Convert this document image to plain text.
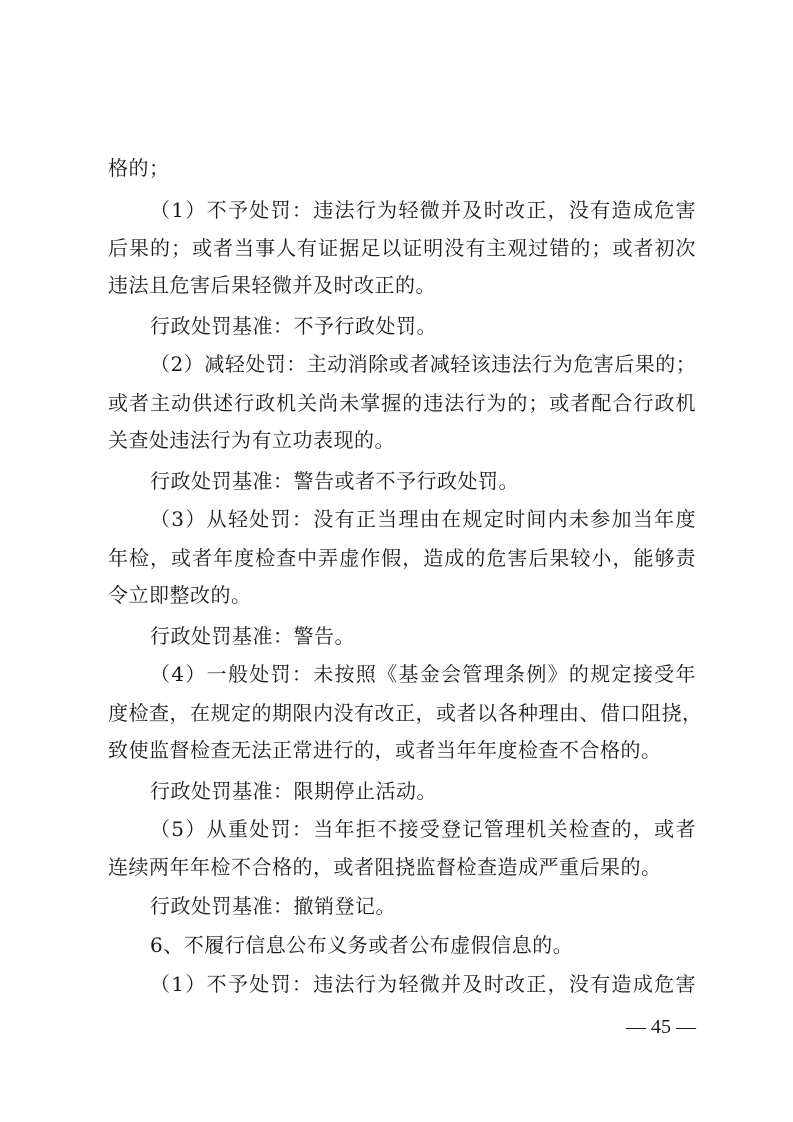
格的；
（1）不予处罚：违法行为轻微并及时改正，没有造成危害
后果的；或者当事人有证据足以证明没有主观过错的；或者初次
违法且危害后果轻微并及时改正的。
行政处罚基准：不予行政处罚。
（2）减轻处罚：主动消除或者减轻该违法行为危害后果的；
或者主动供述行政机关尚未掌握的违法行为的；或者配合行政机
关查处违法行为有立功表现的。
行政处罚基准：警告或者不予行政处罚。
（3）从轻处罚：没有正当理由在规定时间内未参加当年度
年检，或者年度检查中弄虚作假，造成的危害后果较小，能够责
令立即整改的。
行政处罚基准：警告。
（4）一般处罚：未按照《基金会管理条例》的规定接受年
度检查，在规定的期限内没有改正，或者以各种理由、借口阻挠，
致使监督检查无法正常进行的，或者当年年度检查不合格的。
行政处罚基准：限期停止活动。
（5）从重处罚：当年拒不接受登记管理机关检查的，或者
连续两年年检不合格的，或者阻挠监督检查造成严重后果的。
行政处罚基准：撤销登记。
6、不履行信息公布义务或者公布虚假信息的。
（1）不予处罚：违法行为轻微并及时改正，没有造成危害
— 45 —
